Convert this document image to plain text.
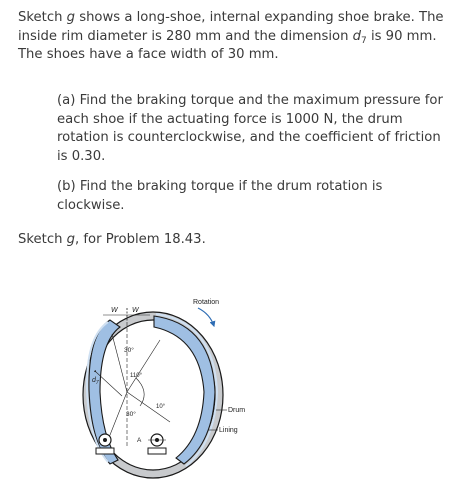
Sketch g shows a long-shoe, internal expanding shoe brake. The inside rim diameter is 280 mm and the dimension $d_7$ is 90 mm. The shoes have a face width of 30 mm.

(a) Find the braking torque and the maximum pressure for each shoe if the actuating force is 1000 N, the drum rotation is counterclockwise, and the coefficient of friction is 0.30.

(b) Find the braking torque if the drum rotation is clockwise.

Sketch g, for Problem 18.43.

W W
30°
110°
10°
30°
$d_7$
A
Rotation
Drum
Lining
